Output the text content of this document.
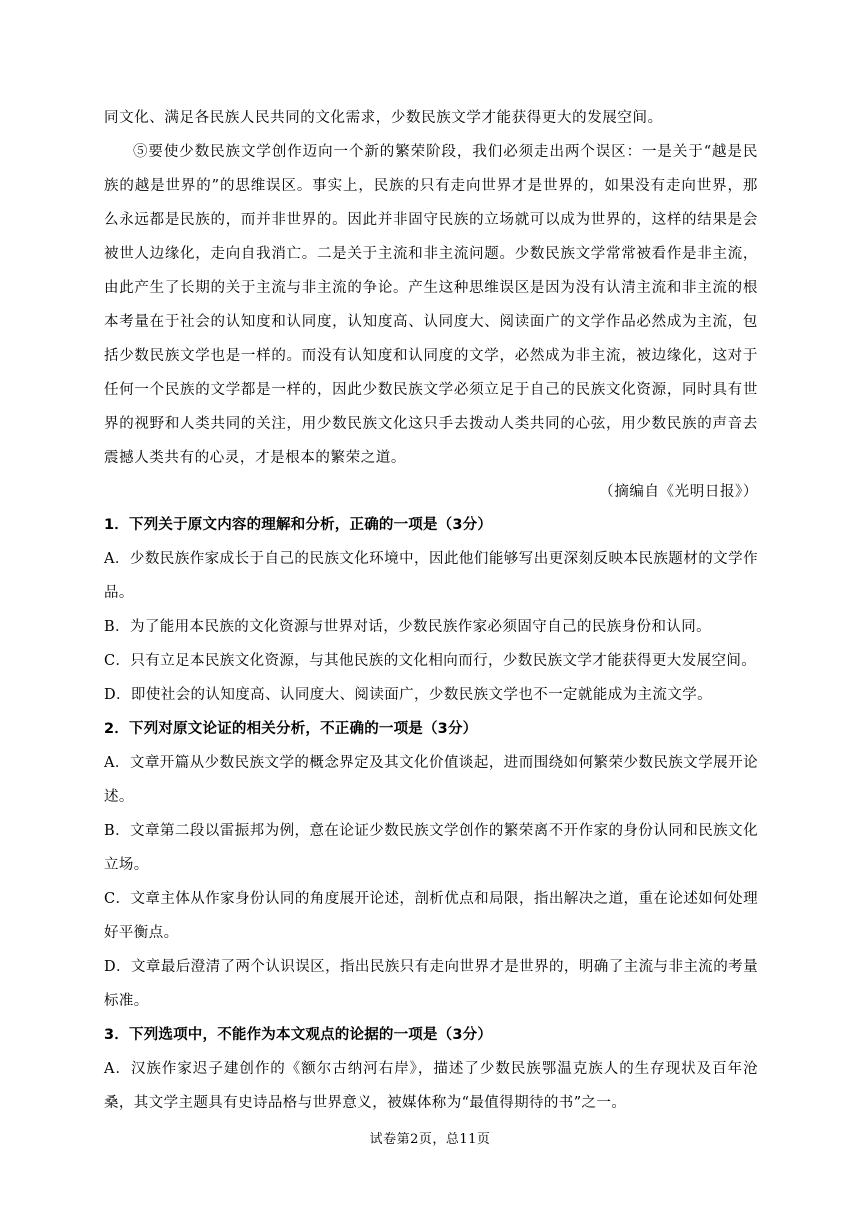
同文化、满足各民族人民共同的文化需求，少数民族文学才能获得更大的发展空间。

⑤要使少数民族文学创作迈向一个新的繁荣阶段，我们必须走出两个误区：一是关于“越是民族的越是世界的”的思维误区。事实上，民族的只有走向世界才是世界的，如果没有走向世界，那么永远都是民族的，而并非世界的。因此并非固守民族的立场就可以成为世界的，这样的结果是会被世人边缘化，走向自我消亡。二是关于主流和非主流问题。少数民族文学常常被看作是非主流，由此产生了长期的关于主流与非主流的争论。产生这种思维误区是因为没有认清主流和非主流的根本考量在于社会的认知度和认同度，认知度高、认同度大、阅读面广的文学作品必然成为主流，包括少数民族文学也是一样的。而没有认知度和认同度的文学，必然成为非主流，被边缘化，这对于任何一个民族的文学都是一样的，因此少数民族文学必须立足于自己的民族文化资源，同时具有世界的视野和人类共同的关注，用少数民族文化这只手去拨动人类共同的心弦，用少数民族的声音去震撼人类共有的心灵，才是根本的繁荣之道。

（摘编自《光明日报》）

1．下列关于原文内容的理解和分析，正确的一项是（3分）

A．少数民族作家成长于自己的民族文化环境中，因此他们能够写出更深刻反映本民族题材的文学作品。

B．为了能用本民族的文化资源与世界对话，少数民族作家必须固守自己的民族身份和认同。

C．只有立足本民族文化资源，与其他民族的文化相向而行，少数民族文学才能获得更大发展空间。

D．即使社会的认知度高、认同度大、阅读面广，少数民族文学也不一定就能成为主流文学。

2．下列对原文论证的相关分析，不正确的一项是（3分）

A．文章开篇从少数民族文学的概念界定及其文化价值谈起，进而围绕如何繁荣少数民族文学展开论述。

B．文章第二段以雷振邦为例，意在论证少数民族文学创作的繁荣离不开作家的身份认同和民族文化立场。

C．文章主体从作家身份认同的角度展开论述，剖析优点和局限，指出解决之道，重在论述如何处理好平衡点。

D．文章最后澄清了两个认识误区，指出民族只有走向世界才是世界的，明确了主流与非主流的考量标准。

3．下列选项中，不能作为本文观点的论据的一项是（3分）

A．汉族作家迟子建创作的《额尔古纳河右岸》，描述了少数民族鄂温克族人的生存现状及百年沧桑，其文学主题具有史诗品格与世界意义，被媒体称为“最值得期待的书”之一。

试卷第2页，总11页
